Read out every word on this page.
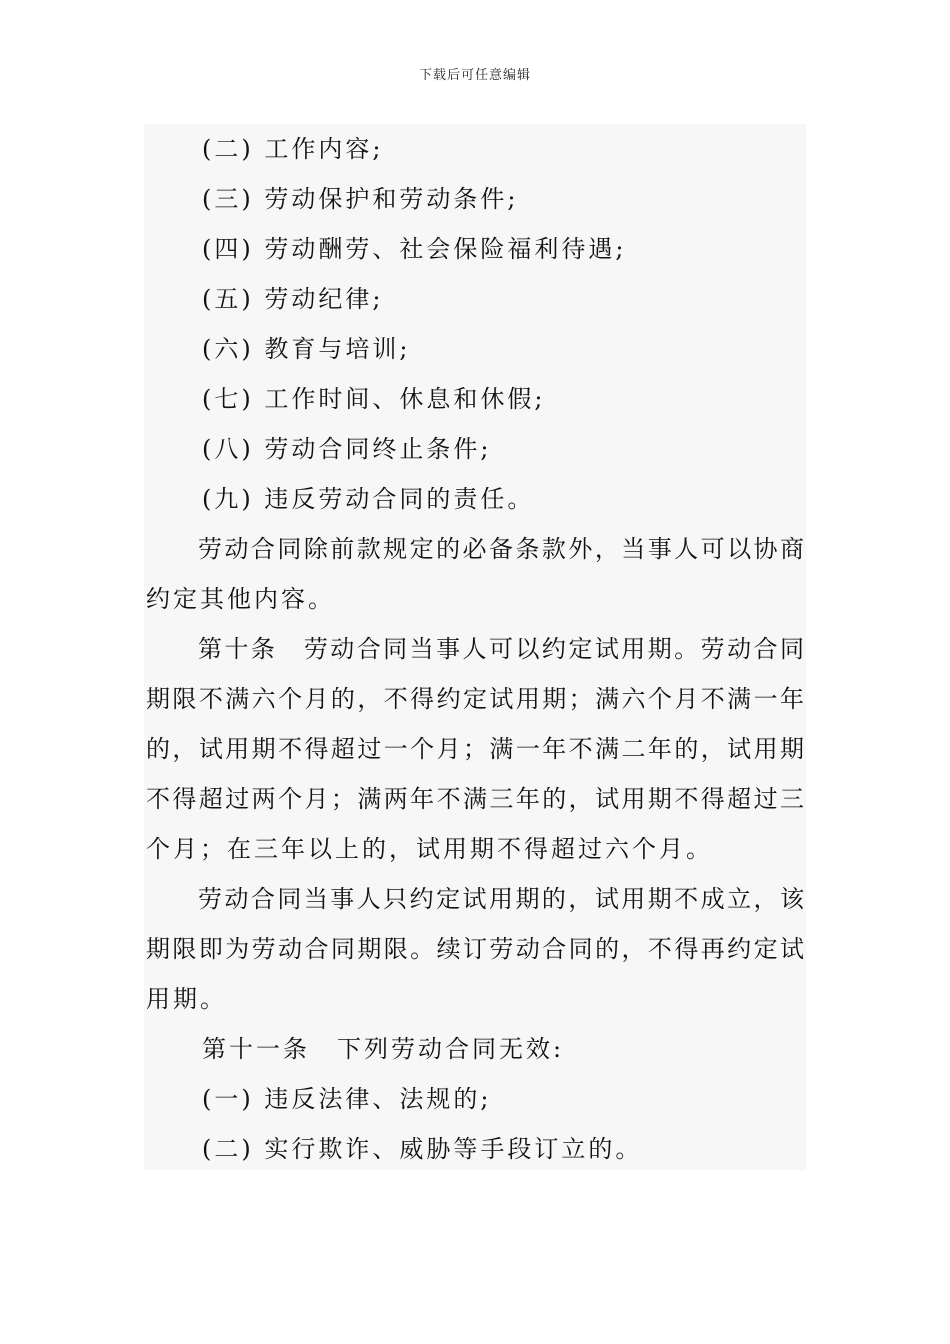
下载后可任意编辑
(二) 工作内容;
(三) 劳动保护和劳动条件;
(四) 劳动酬劳、社会保险福利待遇;
(五) 劳动纪律;
(六) 教育与培训;
(七) 工作时间、休息和休假;
(八) 劳动合同终止条件;
(九) 违反劳动合同的责任。
劳动合同除前款规定的必备条款外，当事人可以协商
约定其他内容。
第十条　劳动合同当事人可以约定试用期。劳动合同
期限不满六个月的，不得约定试用期；满六个月不满一年
的，试用期不得超过一个月；满一年不满二年的，试用期
不得超过两个月；满两年不满三年的，试用期不得超过三
个月；在三年以上的，试用期不得超过六个月。
劳动合同当事人只约定试用期的，试用期不成立，该
期限即为劳动合同期限。续订劳动合同的，不得再约定试
用期。
第十一条　下列劳动合同无效:
(一) 违反法律、法规的;
(二) 实行欺诈、威胁等手段订立的。
